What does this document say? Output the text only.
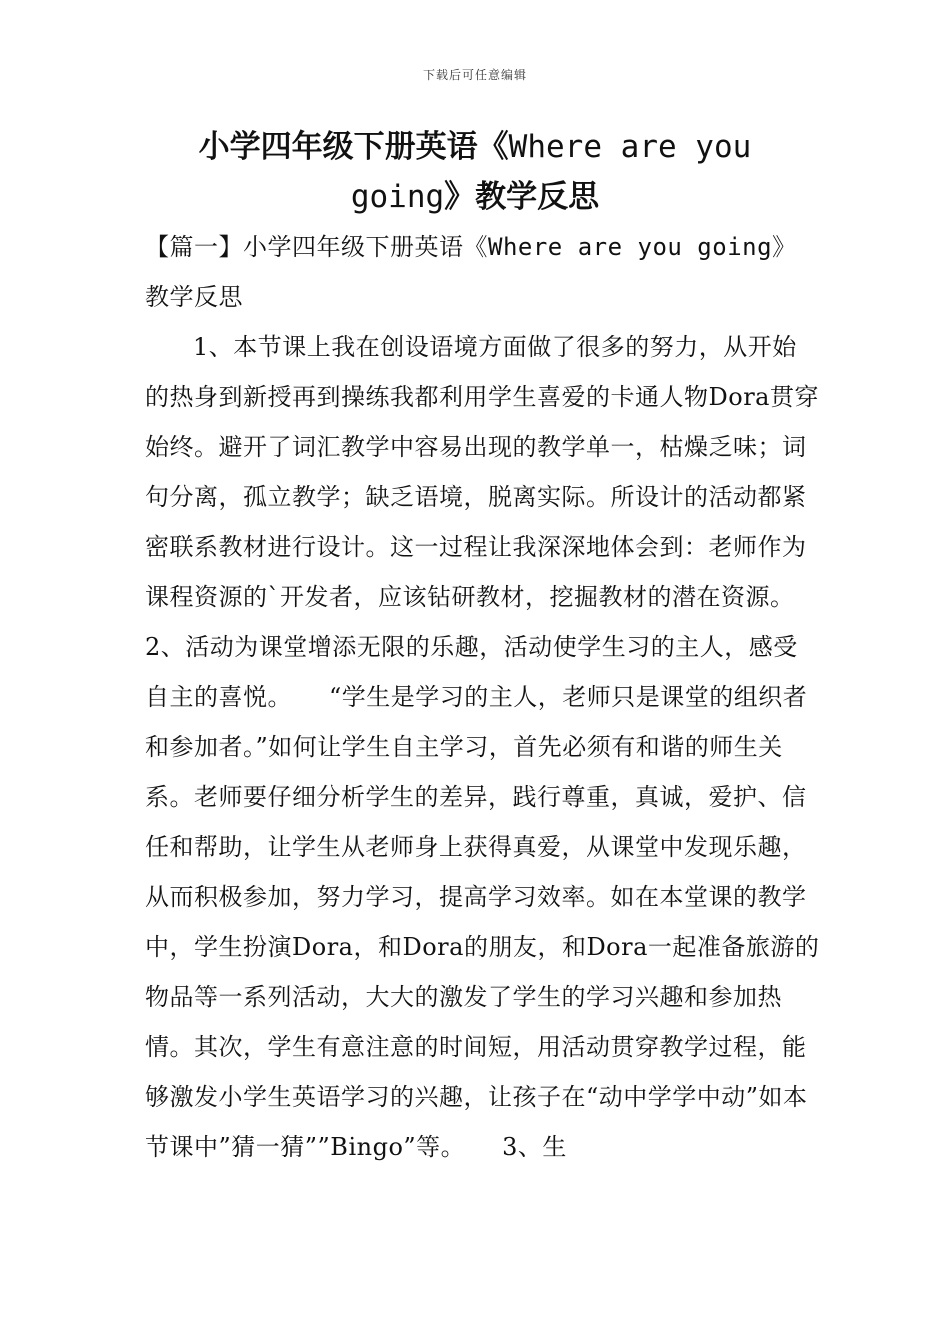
下载后可任意编辑
小学四年级下册英语《Where are you going》教学反思

【篇一】小学四年级下册英语《Where are you going》教学反思

1、本节课上我在创设语境方面做了很多的努力，从开始的热身到新授再到操练我都利用学生喜爱的卡通人物Dora贯穿始终。避开了词汇教学中容易出现的教学单一，枯燥乏味；词句分离，孤立教学；缺乏语境，脱离实际。所设计的活动都紧密联系教材进行设计。这一过程让我深深地体会到：老师作为课程资源的`开发者，应该钻研教材，挖掘教材的潜在资源。　　2、活动为课堂增添无限的乐趣，活动使学生习的主人，感受自主的喜悦。　　“学生是学习的主人，老师只是课堂的组织者和参加者。”如何让学生自主学习，首先必须有和谐的师生关系。老师要仔细分析学生的差异，践行尊重，真诚，爱护、信任和帮助，让学生从老师身上获得真爱，从课堂中发现乐趣，从而积极参加，努力学习，提高学习效率。如在本堂课的教学中，学生扮演Dora，和Dora的朋友，和Dora一起准备旅游的物品等一系列活动，大大的激发了学生的学习兴趣和参加热情。其次，学生有意注意的时间短，用活动贯穿教学过程，能够激发小学生英语学习的兴趣，让孩子在“动中学学中动”如本节课中”猜一猜””Bingo”等。　　3、生
